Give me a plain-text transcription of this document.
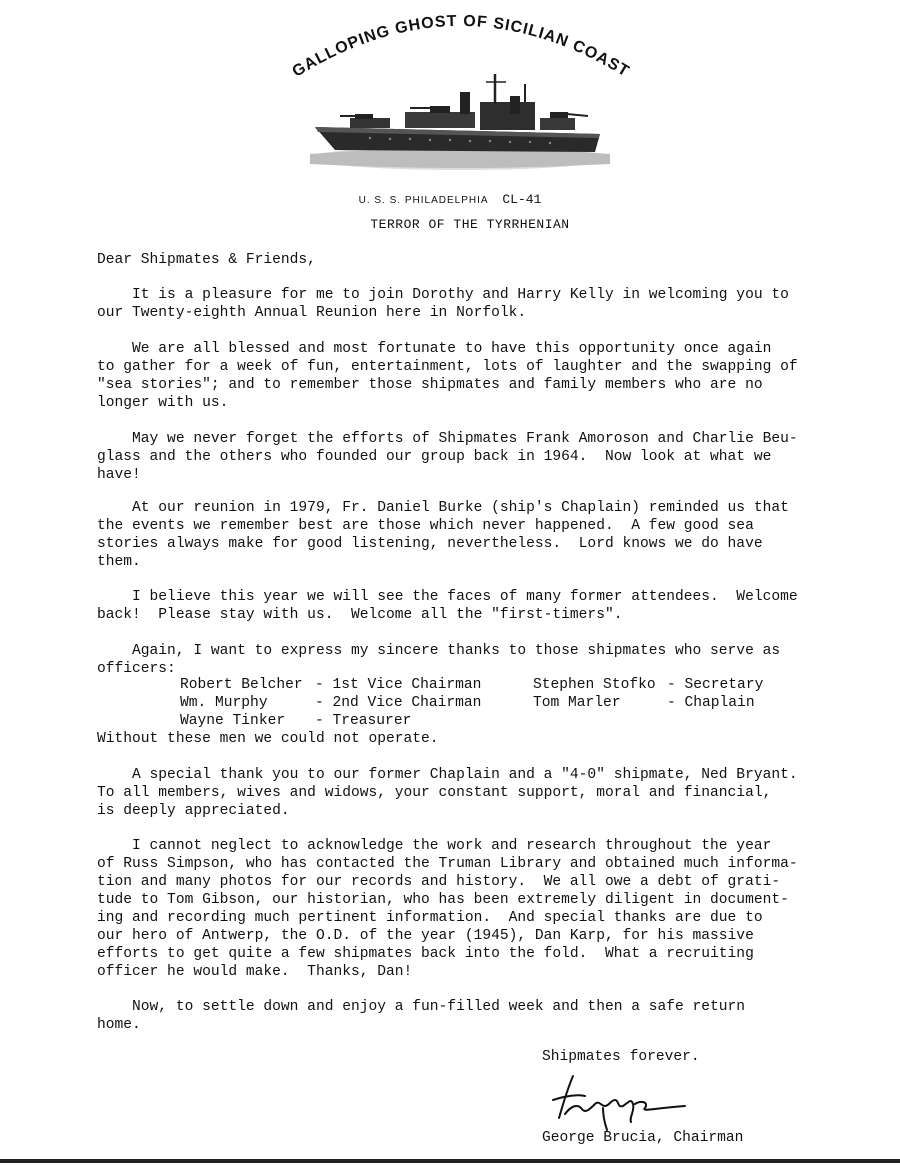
GALLOPING GHOST OF SICILIAN COAST
U. S. S. PHILADELPHIA CL-41
TERROR OF THE TYRRHENIAN
Dear Shipmates & Friends,
It is a pleasure for me to join Dorothy and Harry Kelly in welcoming you to
our Twenty-eighth Annual Reunion here in Norfolk.
We are all blessed and most fortunate to have this opportunity once again
to gather for a week of fun, entertainment, lots of laughter and the swapping of
"sea stories"; and to remember those shipmates and family members who are no
longer with us.
May we never forget the efforts of Shipmates Frank Amoroson and Charlie Beu-
glass and the others who founded our group back in 1964.  Now look at what we
have!
At our reunion in 1979, Fr. Daniel Burke (ship's Chaplain) reminded us that
the events we remember best are those which never happened.  A few good sea
stories always make for good listening, nevertheless.  Lord knows we do have
them.
I believe this year we will see the faces of many former attendees.  Welcome
back!  Please stay with us.  Welcome all the "first-timers".
Again, I want to express my sincere thanks to those shipmates who serve as
officers:
Robert Belcher - 1st Vice Chairman	Stephen Stofko - Secretary
Wm. Murphy	- 2nd Vice Chairman	Tom Marler	- Chaplain
Wayne Tinker	- Treasurer
Without these men we could not operate.
A special thank you to our former Chaplain and a "4-0" shipmate, Ned Bryant.
To all members, wives and widows, your constant support, moral and financial,
is deeply appreciated.
I cannot neglect to acknowledge the work and research throughout the year
of Russ Simpson, who has contacted the Truman Library and obtained much informa-
tion and many photos for our records and history.  We all owe a debt of grati-
tude to Tom Gibson, our historian, who has been extremely diligent in document-
ing and recording much pertinent information.  And special thanks are due to
our hero of Antwerp, the O.D. of the year (1945), Dan Karp, for his massive
efforts to get quite a few shipmates back into the fold.  What a recruiting
officer he would make.  Thanks, Dan!
Now, to settle down and enjoy a fun-filled week and then a safe return
home.
Shipmates forever.
George Brucia, Chairman
